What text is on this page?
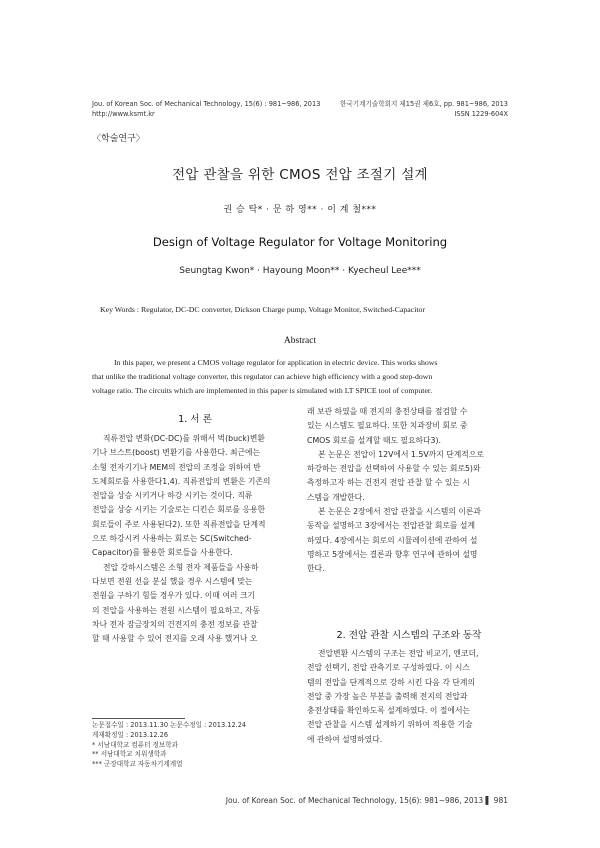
Jou. of Korean Soc. of Mechanical Technology, 15(6) : 981~986, 2013
http://www.ksmt.kr
한국기계기술학회지 제15권 제6호, pp. 981~986, 2013
ISSN 1229-604X
〈학술연구〉
전압 관찰을 위한 CMOS 전압 조절기 설계
권 승 탁* · 문 하 영** · 이 계 철***
Design of Voltage Regulator for Voltage Monitoring
Seungtag Kwon* · Hayoung Moon** · Kyecheul Lee***
Key Words : Regulator, DC-DC converter, Dickson Charge pump, Voltage Monitor, Switched-Capacitor
Abstract
In this paper, we present a CMOS voltage regulator for application in electric device. This works shows
that unlike the traditional voltage converter, this regulator can achieve high efficiency with a good step-down
voltage ratio. The circuits which are implemented in this paper is simulated with LT SPICE tool of computer.
1. 서 론
직류전압 변화(DC-DC)를 위해서 벅(buck)변환
기나 브스트(boost) 변환기를 사용한다. 최근에는
소형 전자기기나 MEM의 전압의 조정을 위하여 반
도체회로를 사용한다1,4). 직류전압의 변환은 기존의
전압을 상승 시키거나 하강 시키는 것이다. 직류
전압을 상승 시키는 기술로는 디킨슨 회로를 응용한
회로들이 주로 사용된다2). 또한 직류전압을 단계적
으로 하강시켜 사용하는 회로는 SC(Switched-
Capacitor)를 활용한 회로들을 사용한다.
전압 강하시스템은 소형 전자 제품들을 사용하
다보면 전원 선을 분실 했을 경우 시스템에 맞는
전원을 구하기 힘들 경우가 있다. 이때 여러 크기
의 전압을 사용하는 전원 시스템이 필요하고, 자동
차나 전자 잠금장치의 건전지의 충전 정보를 관찰
할 때 사용할 수 있어 전지를 오래 사용 했거나 오
래 보관 하였을 때 전지의 충전상태를 점검할 수
있는 시스템도 필요하다. 또한 치과장비 회로 중
CMOS 회로를 설계할 때도 필요하다3).
본 논문은 전압이 12V에서 1.5V까지 단계적으로
하강하는 전압을 선택하여 사용할 수 있는 회로5)와
측정하고자 하는 건전지 전압 관찰 할 수 있는 시
스템을 개발한다.
본 논문은 2장에서 전압 관찰을 시스템의 이론과
동작을 설명하고 3장에서는 전압관찰 회로를 설계
하였다. 4장에서는 회로의 시뮬레이션에 관하여 설
명하고 5장에서는 결론과 향후 연구에 관하여 설명
한다.
2. 전압 관찰 시스템의 구조와 동작
전압변환 시스템의 구조는 전압 비교기, 엔코더,
전압 선택기, 전압 관측기로 구성하였다. 이 시스
템의 전압을 단계적으로 강하 시킨 다음 각 단계의
전압 중 가장 높은 부분을 출력해 전지의 전압과
충전상태를 확인하도록 설계하였다. 이 절에서는
전압 관찰을 시스템 설계하기 위하여 적용한 기술
에 관하여 설명하였다.
논문접수일 : 2013.11.30 논문수정일 : 2013.12.24
게재확정일 : 2013.12.26
* 서남대학교 컴퓨터 정보학과
** 서남대학교 치위생학과
*** 군장대학교 자동차기계계열
Jou. of Korean Soc. of Mechanical Technology, 15(6): 981~986, 2013 ▌ 981
